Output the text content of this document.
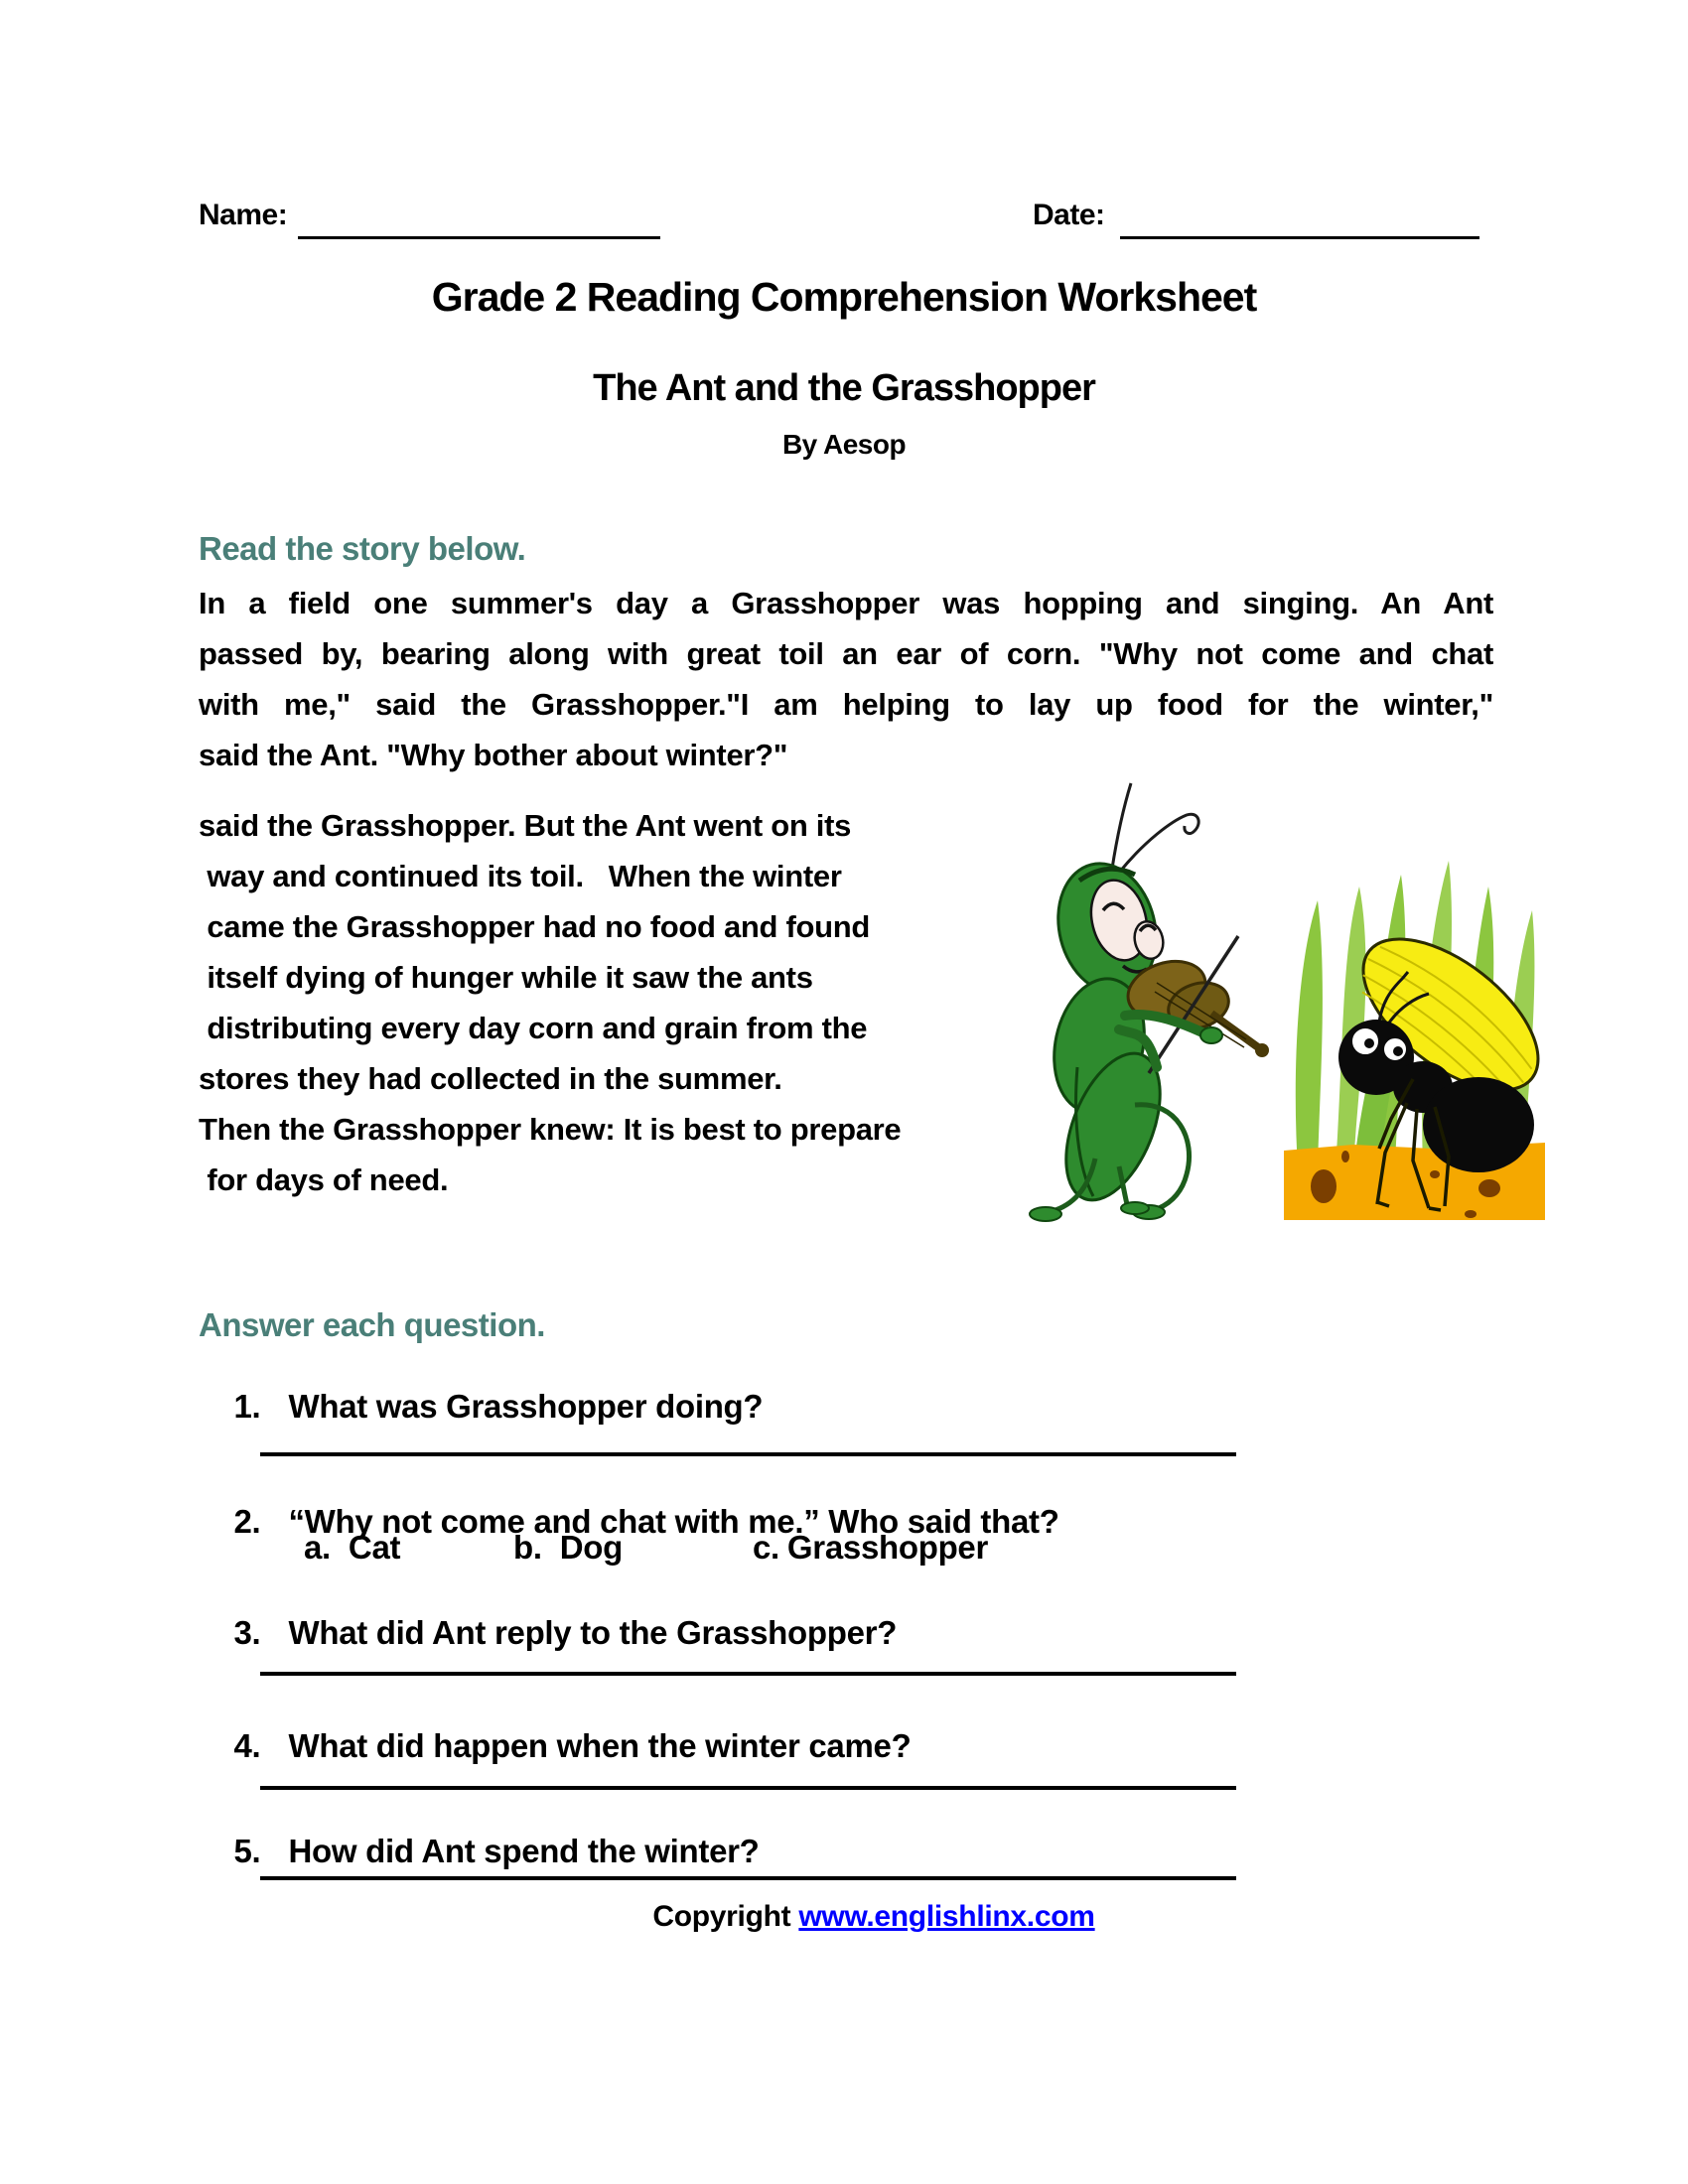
Name:	Date:
Grade 2 Reading Comprehension Worksheet
The Ant and the Grasshopper
By Aesop
Read the story below.
In a field one summer's day a Grasshopper was hopping and singing. An Ant
passed by, bearing along with great toil an ear of corn. "Why not come and chat
with me," said the Grasshopper."I am helping to lay up food for the winter,"
said the Ant. "Why bother about winter?"
said the Grasshopper. But the Ant went on its
way and continued its toil.   When the winter
came the Grasshopper had no food and found
itself dying of hunger while it saw the ants
distributing every day corn and grain from the
stores they had collected in the summer.
Then the Grasshopper knew: It is best to prepare
for days of need.
Answer each question.

1. What was Grasshopper doing?

2. “Why not come and chat with me.” Who said that?

a. Cat	b. Dog	c. Grasshopper

3. What did Ant reply to the Grasshopper?

4. What did happen when the winter came?

5. How did Ant spend the winter?

Copyright www.englishlinx.com
